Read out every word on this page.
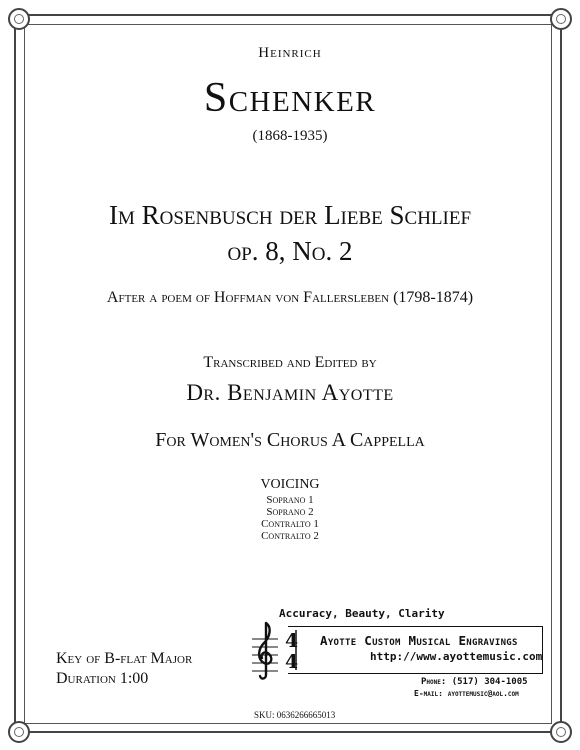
Heinrich
Schenker
(1868-1935)
Im Rosenbusch der Liebe Schlief
op. 8, No. 2
After a poem of Hoffman von Fallersleben (1798-1874)
Transcribed and Edited by
Dr. Benjamin Ayotte
For Women's Chorus A Cappella
VOICING
Soprano 1
Soprano 2
Contralto 1
Contralto 2
Key of B-flat Major
Duration 1:00
Accuracy, Beauty, Clarity
4
4
Ayotte Custom Musical Engravings
http://www.ayottemusic.com
Phone: (517) 304-1005
E-mail: ayottemusic@aol.com
SKU: 0636266665013
